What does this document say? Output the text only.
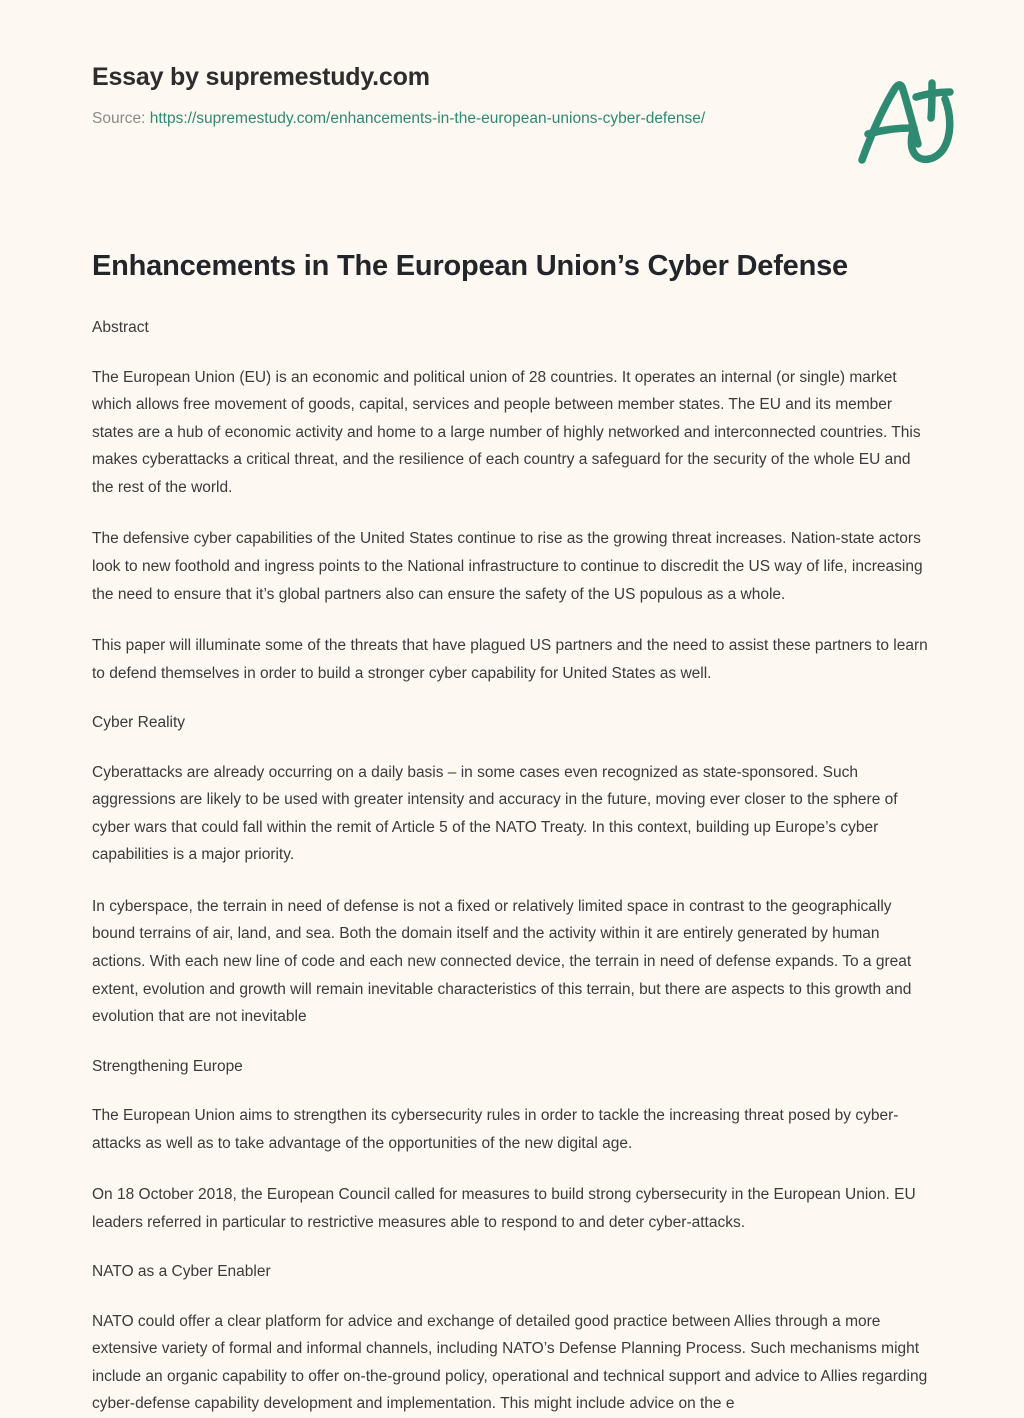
Essay by supremestudy.com
Source: https://supremestudy.com/enhancements-in-the-european-unions-cyber-defense/
Enhancements in The European Union’s Cyber Defense
Abstract

The European Union (EU) is an economic and political union of 28 countries. It operates an internal (or single) market which allows free movement of goods, capital, services and people between member states. The EU and its member states are a hub of economic activity and home to a large number of highly networked and interconnected countries. This makes cyberattacks a critical threat, and the resilience of each country a safeguard for the security of the whole EU and the rest of the world.

The defensive cyber capabilities of the United States continue to rise as the growing threat increases. Nation-state actors look to new foothold and ingress points to the National infrastructure to continue to discredit the US way of life, increasing the need to ensure that it’s global partners also can ensure the safety of the US populous as a whole.

This paper will illuminate some of the threats that have plagued US partners and the need to assist these partners to learn to defend themselves in order to build a stronger cyber capability for United States as well.

Cyber Reality

Cyberattacks are already occurring on a daily basis – in some cases even recognized as state-sponsored. Such aggressions are likely to be used with greater intensity and accuracy in the future, moving ever closer to the sphere of cyber wars that could fall within the remit of Article 5 of the NATO Treaty. In this context, building up Europe’s cyber capabilities is a major priority.

In cyberspace, the terrain in need of defense is not a fixed or relatively limited space in contrast to the geographically bound terrains of air, land, and sea. Both the domain itself and the activity within it are entirely generated by human actions. With each new line of code and each new connected device, the terrain in need of defense expands. To a great extent, evolution and growth will remain inevitable characteristics of this terrain, but there are aspects to this growth and evolution that are not inevitable

Strengthening Europe

The European Union aims to strengthen its cybersecurity rules in order to tackle the increasing threat posed by cyber-attacks as well as to take advantage of the opportunities of the new digital age.

On 18 October 2018, the European Council called for measures to build strong cybersecurity in the European Union. EU leaders referred in particular to restrictive measures able to respond to and deter cyber-attacks.

NATO as a Cyber Enabler

NATO could offer a clear platform for advice and exchange of detailed good practice between Allies through a more extensive variety of formal and informal channels, including NATO’s Defense Planning Process. Such mechanisms might include an organic capability to offer on-the-ground policy, operational and technical support and advice to Allies regarding cyber-defense capability development and implementation. This might include advice on the e
